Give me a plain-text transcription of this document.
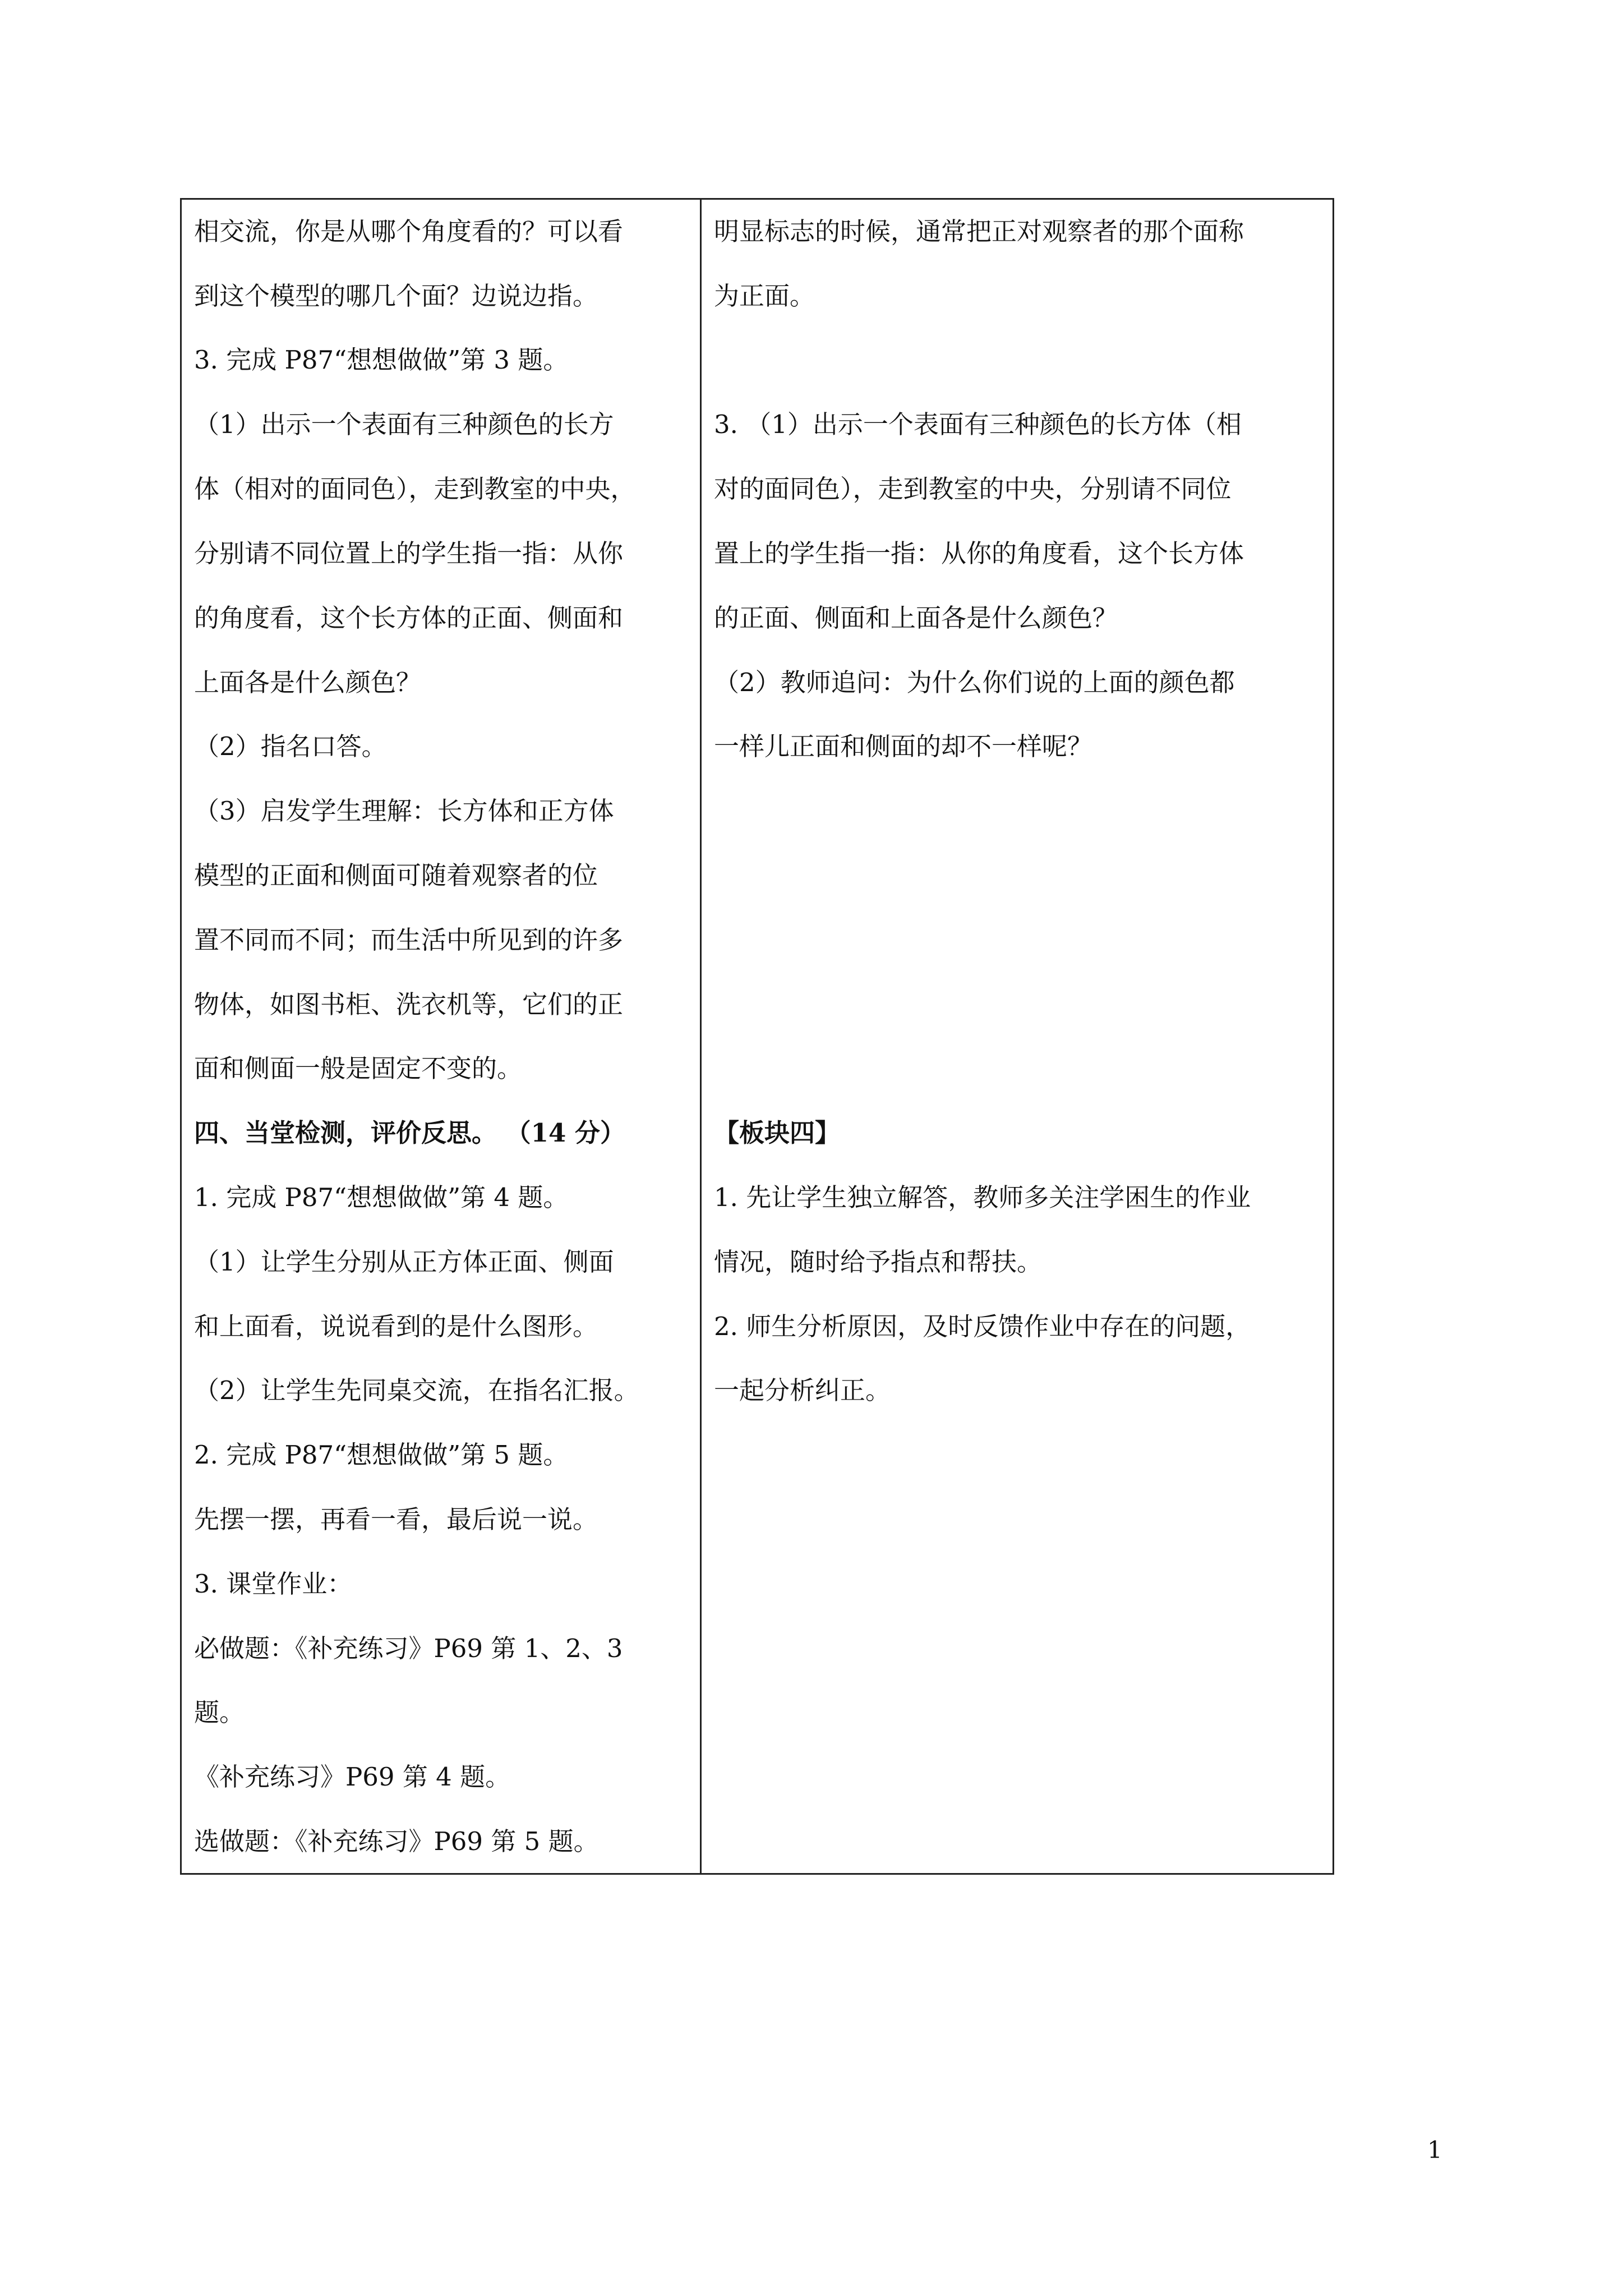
相交流，你是从哪个角度看的？可以看
到这个模型的哪几个面？边说边指。
3. 完成 P87“想想做做”第 3 题。
（1）出示一个表面有三种颜色的长方
体（相对的面同色），走到教室的中央，
分别请不同位置上的学生指一指：从你
的角度看，这个长方体的正面、侧面和
上面各是什么颜色？
（2）指名口答。
（3）启发学生理解：长方体和正方体
模型的正面和侧面可随着观察者的位
置不同而不同；而生活中所见到的许多
物体，如图书柜、洗衣机等，它们的正
面和侧面一般是固定不变的。
四、当堂检测，评价反思。 （14 分）
1. 完成 P87“想想做做”第 4 题。
（1）让学生分别从正方体正面、侧面
和上面看，说说看到的是什么图形。
（2）让学生先同桌交流，在指名汇报。
2. 完成 P87“想想做做”第 5 题。
先摆一摆，再看一看，最后说一说。
3. 课堂作业：
必做题：《补充练习》P69 第 1、2、3
题。
《补充练习》P69 第 4 题。
选做题：《补充练习》P69 第 5 题。
明显标志的时候，通常把正对观察者的那个面称
为正面。
3. （1）出示一个表面有三种颜色的长方体（相
对的面同色），走到教室的中央，分别请不同位
置上的学生指一指：从你的角度看，这个长方体
的正面、侧面和上面各是什么颜色？
（2）教师追问：为什么你们说的上面的颜色都
一样儿正面和侧面的却不一样呢？
【板块四】
1. 先让学生独立解答，教师多关注学困生的作业
情况，随时给予指点和帮扶。
2. 师生分析原因，及时反馈作业中存在的问题，
一起分析纠正。
1
